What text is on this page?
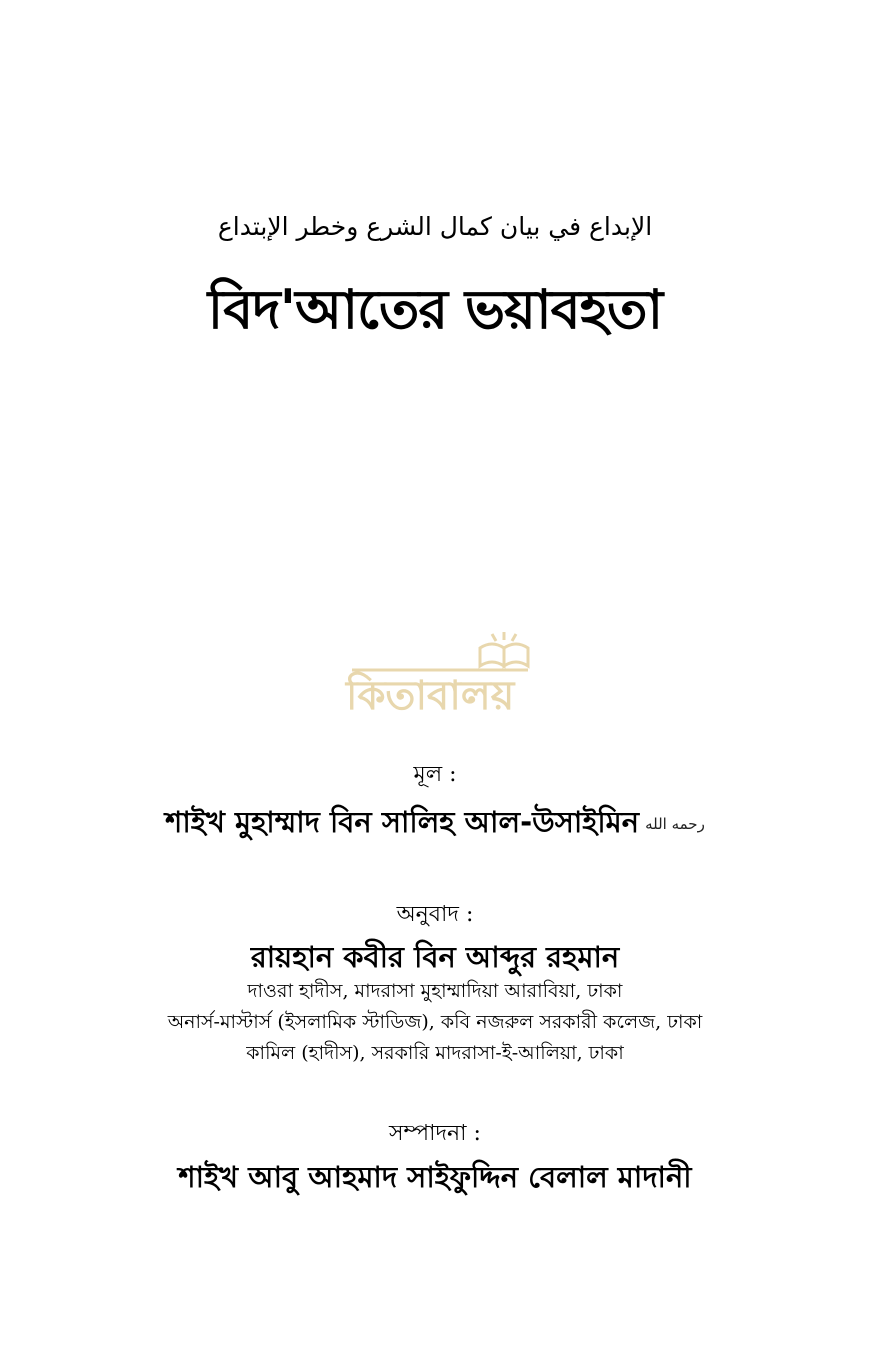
الإبداع في بيان كمال الشرع وخطر الإبتداع
বিদ'আতের ভয়াবহতা
কিতাবালয়
মূল :
শাইখ মুহাম্মাদ বিন সালিহ আল-উসাইমিন رحمه الله
অনুবাদ :
রায়হান কবীর বিন আব্দুর রহমান
দাওরা হাদীস, মাদরাসা মুহাম্মাদিয়া আরাবিয়া, ঢাকা
অনার্স-মাস্টার্স (ইসলামিক স্টাডিজ), কবি নজরুল সরকারী কলেজ, ঢাকা
কামিল (হাদীস), সরকারি মাদরাসা-ই-আলিয়া, ঢাকা
সম্পাদনা :
শাইখ আবু আহমাদ সাইফুদ্দিন বেলাল মাদানী
